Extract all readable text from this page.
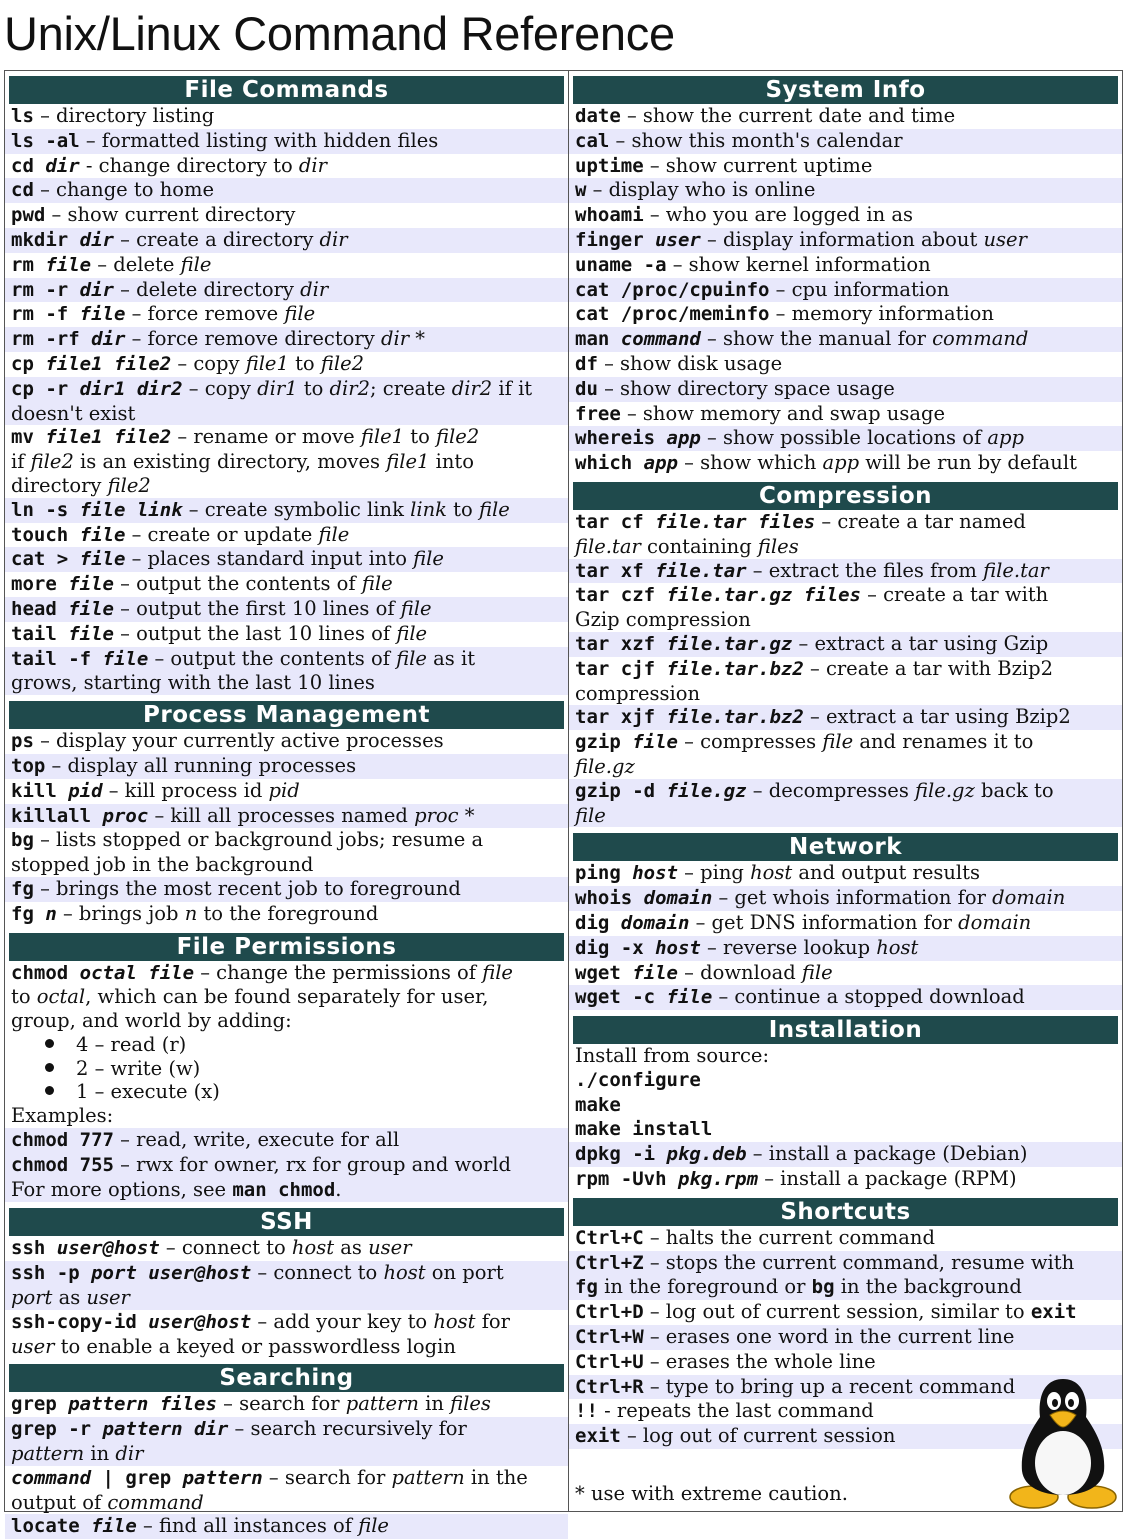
Unix/Linux Command Reference
File Commands
ls – directory listing
ls -al – formatted listing with hidden files
cd dir - change directory to dir
cd – change to home
pwd – show current directory
mkdir dir – create a directory dir
rm file – delete file
rm -r dir – delete directory dir
rm -f file – force remove file
rm -rf dir – force remove directory dir *
cp file1 file2 – copy file1 to file2
cp -r dir1 dir2 – copy dir1 to dir2; create dir2 if it
doesn't exist
mv file1 file2 – rename or move file1 to file2
if file2 is an existing directory, moves file1 into
directory file2
ln -s file link – create symbolic link link to file
touch file – create or update file
cat > file – places standard input into file
more file – output the contents of file
head file – output the first 10 lines of file
tail file – output the last 10 lines of file
tail -f file – output the contents of file as it
grows, starting with the last 10 lines
Process Management
ps – display your currently active processes
top – display all running processes
kill pid – kill process id pid
killall proc – kill all processes named proc *
bg – lists stopped or background jobs; resume a
stopped job in the background
fg – brings the most recent job to foreground
fg n – brings job n to the foreground
File Permissions
chmod octal file – change the permissions of file
to octal, which can be found separately for user,
group, and world by adding:
4 – read (r)
2 – write (w)
1 – execute (x)
Examples:
chmod 777 – read, write, execute for all
chmod 755 – rwx for owner, rx for group and world
For more options, see man chmod.
SSH
ssh user@host – connect to host as user
ssh -p port user@host – connect to host on port
port as user
ssh-copy-id user@host – add your key to host for
user to enable a keyed or passwordless login
Searching
grep pattern files – search for pattern in files
grep -r pattern dir – search recursively for
pattern in dir
command | grep pattern – search for pattern in the
output of command
locate file – find all instances of file
System Info
date – show the current date and time
cal – show this month's calendar
uptime – show current uptime
w – display who is online
whoami – who you are logged in as
finger user – display information about user
uname -a – show kernel information
cat /proc/cpuinfo – cpu information
cat /proc/meminfo – memory information
man command – show the manual for command
df – show disk usage
du – show directory space usage
free – show memory and swap usage
whereis app – show possible locations of app
which app – show which app will be run by default
Compression
tar cf file.tar files – create a tar named
file.tar containing files
tar xf file.tar – extract the files from file.tar
tar czf file.tar.gz files – create a tar with
Gzip compression
tar xzf file.tar.gz – extract a tar using Gzip
tar cjf file.tar.bz2 – create a tar with Bzip2
compression
tar xjf file.tar.bz2 – extract a tar using Bzip2
gzip file – compresses file and renames it to
file.gz
gzip -d file.gz – decompresses file.gz back to
file
Network
ping host – ping host and output results
whois domain – get whois information for domain
dig domain – get DNS information for domain
dig -x host – reverse lookup host
wget file – download file
wget -c file – continue a stopped download
Installation
Install from source:
./configure
make
make install
dpkg -i pkg.deb – install a package (Debian)
rpm -Uvh pkg.rpm – install a package (RPM)
Shortcuts
Ctrl+C – halts the current command
Ctrl+Z – stops the current command, resume with
fg in the foreground or bg in the background
Ctrl+D – log out of current session, similar to exit
Ctrl+W – erases one word in the current line
Ctrl+U – erases the whole line
Ctrl+R – type to bring up a recent command
!! - repeats the last command
exit – log out of current session
* use with extreme caution.
